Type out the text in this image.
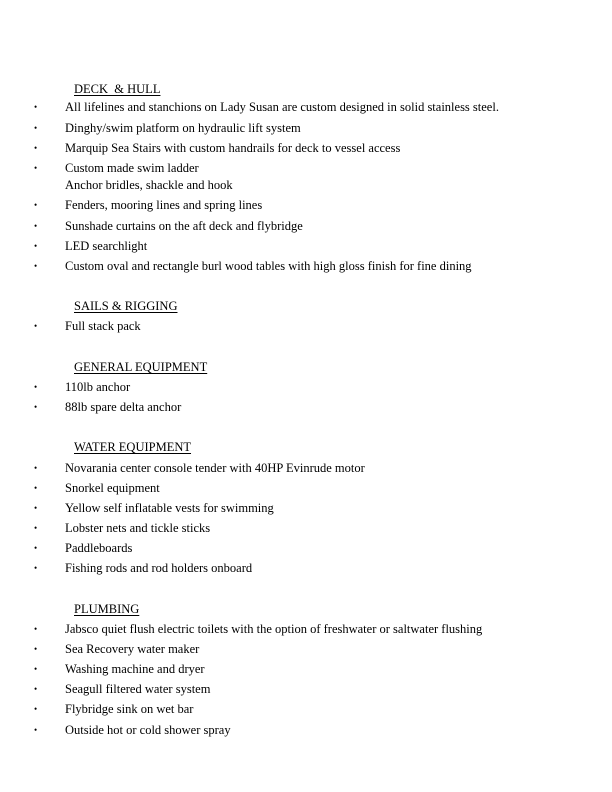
DECK  & HULL
• All lifelines and stanchions on Lady Susan are custom designed in solid stainless steel.
• Dinghy/swim platform on hydraulic lift system
• Marquip Sea Stairs with custom handrails for deck to vessel access
• Custom made swim ladder
Anchor bridles, shackle and hook
• Fenders, mooring lines and spring lines
• Sunshade curtains on the aft deck and flybridge
• LED searchlight
• Custom oval and rectangle burl wood tables with high gloss finish for fine dining
SAILS & RIGGING
• Full stack pack
GENERAL EQUIPMENT
• 110lb anchor
• 88lb spare delta anchor
WATER EQUIPMENT
• Novarania center console tender with 40HP Evinrude motor
• Snorkel equipment
• Yellow self inflatable vests for swimming
• Lobster nets and tickle sticks
• Paddleboards
• Fishing rods and rod holders onboard
PLUMBING
• Jabsco quiet flush electric toilets with the option of freshwater or saltwater flushing
• Sea Recovery water maker
• Washing machine and dryer
• Seagull filtered water system
• Flybridge sink on wet bar
• Outside hot or cold shower spray
